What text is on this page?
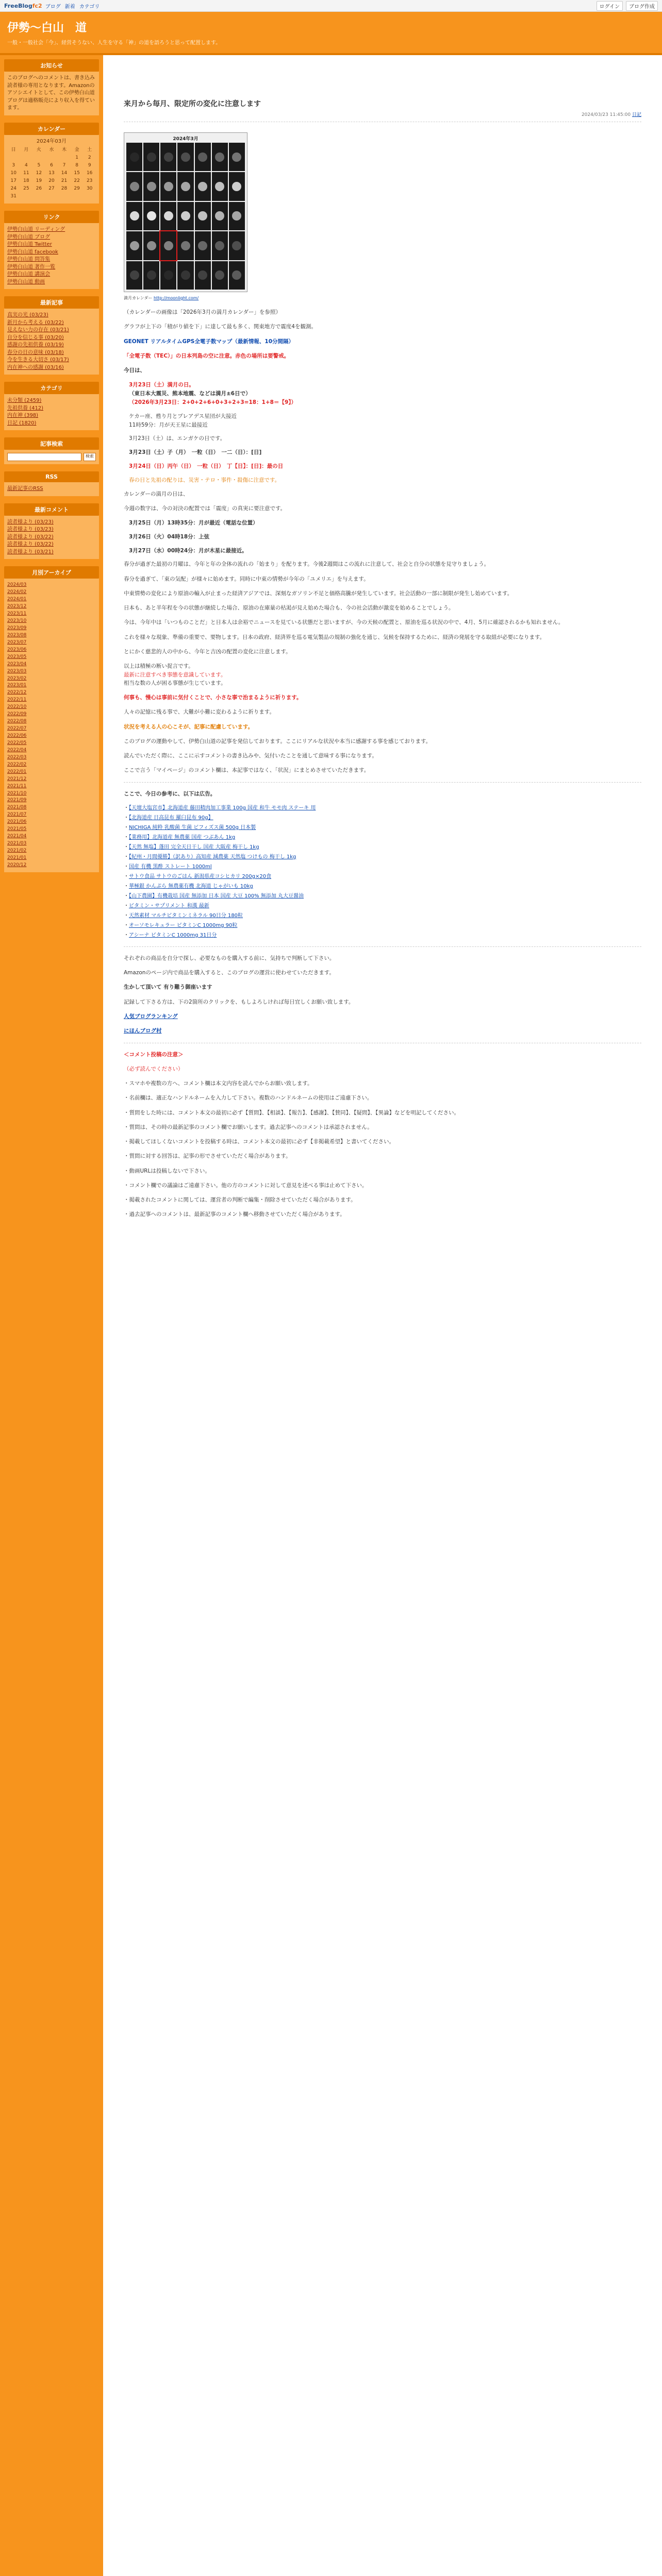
FreeBlogfc2 ブログ 新着 カテゴリ	ログイン	ブログ作成
伊勢～白山　道
一般・一般社会「今」、経営そうない、人生を守る「神」の道を語ろうと思って配置します。
お知らせ
このブログへのコメントは、書き込み読者様の専用となります。Amazonのアソシエイトとして、この伊勢白山道ブログは適格販売により収入を得ています。
カレンダー
2024年03月
日	月	火	水	木	金	土
					1	2
3	4	5	6	7	8	9
10	11	12	13	14	15	16
17	18	19	20	21	22	23
24	25	26	27	28	29	30
31						
リンク
伊勢白山道 リーディング
伊勢白山道 ブログ
伊勢白山道 Twitter
伊勢白山道 facebook
伊勢白山道 問答集
伊勢白山道 著作一覧
伊勢白山道 講演会
伊勢白山道 動画
最新記事
真実の光 (03/23)
新月から考える (03/22)
見えない力の存在 (03/21)
自分を信じる事 (03/20)
感謝の先祖供養 (03/19)
春分の日の意味 (03/18)
今を生きる大切さ (03/17)
内在神への感謝 (03/16)
カテゴリ
未分類 (2459)
先祖供養 (412)
内在神 (398)
日記 (1820)
記事検索
検索
RSS
最新記事のRSS
最新コメント
読者様より (03/23)
読者様より (03/23)
読者様より (03/22)
読者様より (03/22)
読者様より (03/21)
月別アーカイブ
2024/03
2024/02
2024/01
2023/12
2023/11
2023/10
2023/09
2023/08
2023/07
2023/06
2023/05
2023/04
2023/03
2023/02
2023/01
2022/12
2022/11
2022/10
2022/09
2022/08
2022/07
2022/06
2022/05
2022/04
2022/03
2022/02
2022/01
2021/12
2021/11
2021/10
2021/09
2021/08
2021/07
2021/06
2021/05
2021/04
2021/03
2021/02
2021/01
2020/12
来月から毎月、限定所の変化に注意します
2024/03/23 11:45:00 日記
2024年3月
満月カレンダー http://moonlight.com/

（カレンダーの画像は「2026年3月の満月カレンダー」を参照）

グラフが上下の「積がり値を下」に達して最も多く、関東地方で震度4を観測。

GEONET リアルタイムGPS全電子数マップ（最新情報、10分間隔）

「全電子数（TEC）」の日本列島の空に注意。赤色の場所は要警戒。

今日は、

3月23日（土）満月の日。
（東日本大震災、熊本地震、などは満月±6日で）
（2026年3月23日：2+0+2+6+0+3+2+3=18：1+8＝【9】）
ケカー座、甦り月とプレアデス星団が大接近
11時59分：月が天王星に最接近
3月23日（土）は、エンガケの日です。
3月23日（土）子（月）　一粒（日）　一二（日）：[日]
3月24日（日）丙午（日）　一粒（日）　丁【日】：[日]：最の日
春の日と先祖の配りは、災害・テロ・事件・殺傷に注意です。

カレンダーの満月の日は、

今週の数字は、今の対決の配置では「震度」の真実に要注意です。

3月25日（月）13時35分：月が最近（電話な位置）
3月26日（火）04時18分：上弦
3月27日（水）00時24分：月が木星に最接近。

春分が過ぎた最初の月曜は、今年と年の全体の流れの「始まり」を配ります。今後2週間はこの流れに注意して、社会と自分の状態を見守りましょう。

春分を過ぎて、「東の気配」が様々に始めます。同時に中東の情勢が今年の「ユメリエ」を与えます。

中東情勢の変化により原油の輸入が止まった経済アジアでは、深刻なガソリン不足と価格高騰が発生しています。社会活動の一部に制限が発生し始めています。

日本も、あと半年程を今の状態が継続した場合、原油の在庫量の枯渇が見え始めた場合も、今の社会活動が激変を始めることでしょう。

今は、今年中は「いつものことだ」と日本人は余裕でニュースを見ている状態だと思いますが、今の天候の配置と、原油を巡る状況の中で、4月、5月に確認されるかも知れません。

これを様々な現象、準備の重要で、要物します。日本の政府、経済界を巡る電気製品の規制の強化を通じ、気候を保持するために、経済の発展を守る取組が必要になります。

とにかく慈悲的人の中から、今年と吉凶の配置の変化に注意します。

以上は積極の断い捉言です。
最新に注意すべき事態を意識しています。
相当な数の人が困る事態が生じています。

何事も、慢心は事前に気付くことで、小さな事で治まるように祈ります。

人々の記憶に残る事で、大難が小難に変わるように祈ります。

状況を考える人の心こそが、記事に配慮しています。

このブログの運動やして、伊勢白山道の記事を発信しております。ここにリアルな状況や本当に感謝する事を感じております。

読んでいただく際に、ここに示すコメントの書き込みや、気付いたことを通して意味する事になります。

ここで言う「マイページ」のコメント欄は、本記事ではなく、「状況」にまとめさせていただきます。

ここで、今日の参考に、以下は広告。

・【天壇大塩宮市】北海道産 藤田精肉加工事業 100g 国産 和牛 モモ肉 ステーキ 用
・【北海道産 日高昆布 羅臼昆布 90g】
・NICHIGA 純粋 乳酸菌 生菌 ビフィズス菌 500g 日本製
・【業務用】北海道産 無農薬 国産 つぶあん 1kg
・【天然 無塩】蓬田 完全天日干し 国産 大阪産 梅干し 1kg
・【紀州・月間優勝】（訳あり）高知産 減農薬 天然塩 つけもの 梅干し 1kg
・国産 有機 黒酢 ストレート 1000ml
・サトウ食品 サトウのごはん 新潟県産コシヒカリ 200g×20食
・華極銀 かんぷら 無農薬有機 北海道 じゃがいも 10kg
・【山下農園】有機栽培 国産 無添加 日本 国産 大豆 100% 無添加 丸大豆醤油
・ビタミン・サプリメント 和漢 最新
・天然素材 マルチビタミンミネラル 90日分 180粒
・オーソモレキュラー ビタミンC 1000mg 90粒
・アシーナ ビタミンC 1000mg 31日分

それぞれの商品を自分で探し、必要なものを購入する前に、気持ちで判断して下さい。

Amazonのページ内で商品を購入すると、このブログの運営に使わせていただきます。

生かして頂いて 有り難う御座います

記録して下さる方は、下の2箇所のクリックを、もしよろしければ毎日宜しくお願い致します。

人気ブログランキング

にほんブログ村

＜コメント投稿の注意＞

（必ず読んでください）

・スマホや複数の方へ、コメント欄は本文内容を読んでからお願い致します。

・名前欄は、適正なハンドルネームを入力して下さい。複数のハンドルネームの使用はご遠慮下さい。

・質問をした時には、コメント本文の最初に必ず【質問】、【相談】、【報告】、【感謝】、【賛同】、【疑問】、【異論】などを明記してください。

・質問は、その時の最新記事のコメント欄でお願いします。過去記事へのコメントは承認されません。

・掲載してほしくないコメントを投稿する時は、コメント本文の最初に必ず【非掲載希望】と書いてください。

・質問に対する回答は、記事の形でさせていただく場合があります。

・動画URLは投稿しないで下さい。

・コメント欄での議論はご遠慮下さい。他の方のコメントに対して意見を述べる事は止めて下さい。

・掲載されたコメントに関しては、運営者の判断で編集・削除させていただく場合があります。

・過去記事へのコメントは、最新記事のコメント欄へ移動させていただく場合があります。
